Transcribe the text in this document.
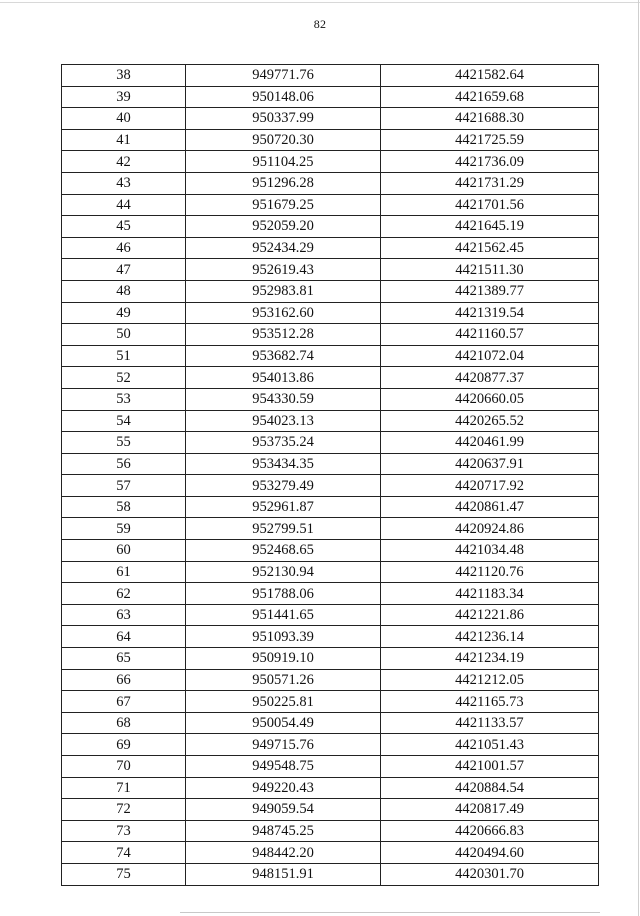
82
38	949771.76	4421582.64
39	950148.06	4421659.68
40	950337.99	4421688.30
41	950720.30	4421725.59
42	951104.25	4421736.09
43	951296.28	4421731.29
44	951679.25	4421701.56
45	952059.20	4421645.19
46	952434.29	4421562.45
47	952619.43	4421511.30
48	952983.81	4421389.77
49	953162.60	4421319.54
50	953512.28	4421160.57
51	953682.74	4421072.04
52	954013.86	4420877.37
53	954330.59	4420660.05
54	954023.13	4420265.52
55	953735.24	4420461.99
56	953434.35	4420637.91
57	953279.49	4420717.92
58	952961.87	4420861.47
59	952799.51	4420924.86
60	952468.65	4421034.48
61	952130.94	4421120.76
62	951788.06	4421183.34
63	951441.65	4421221.86
64	951093.39	4421236.14
65	950919.10	4421234.19
66	950571.26	4421212.05
67	950225.81	4421165.73
68	950054.49	4421133.57
69	949715.76	4421051.43
70	949548.75	4421001.57
71	949220.43	4420884.54
72	949059.54	4420817.49
73	948745.25	4420666.83
74	948442.20	4420494.60
75	948151.91	4420301.70
